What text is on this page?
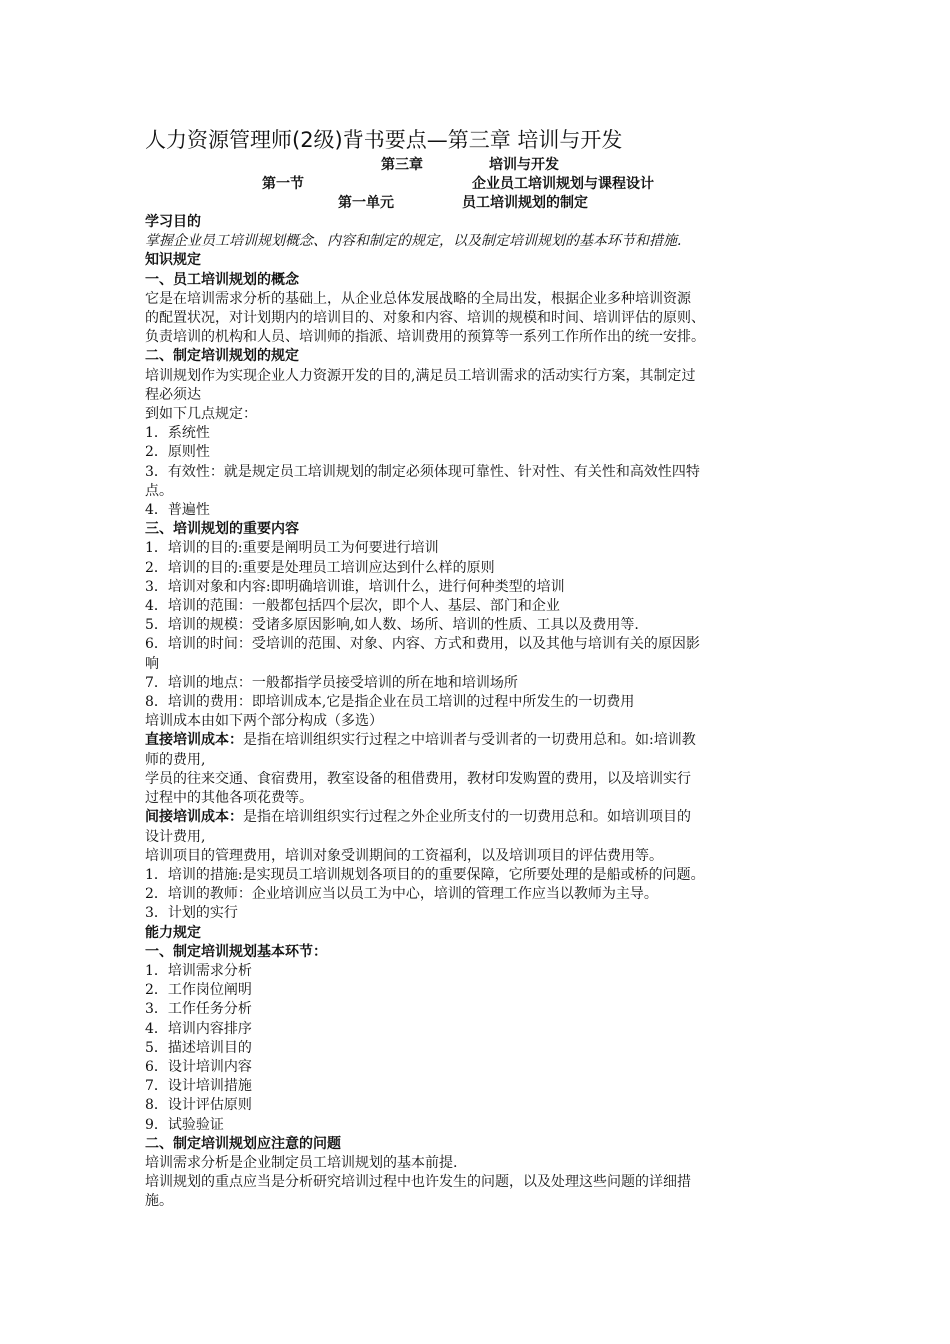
人力资源管理师(2级)背书要点—第三章 培训与开发
第三章	培训与开发
第一节	企业员工培训规划与课程设计
第一单元	员工培训规划的制定
学习目的
掌握企业员工培训规划概念、内容和制定的规定，以及制定培训规划的基本环节和措施.
知识规定
一、员工培训规划的概念
它是在培训需求分析的基础上，从企业总体发展战略的全局出发，根据企业多种培训资源
的配置状况，对计划期内的培训目的、对象和内容、培训的规模和时间、培训评估的原则、
负责培训的机构和人员、培训师的指派、培训费用的预算等一系列工作所作出的统一安排。
二、制定培训规划的规定
培训规划作为实现企业人力资源开发的目的,满足员工培训需求的活动实行方案，其制定过
程必须达
到如下几点规定：
1．系统性
2．原则性
3．有效性：就是规定员工培训规划的制定必须体现可靠性、针对性、有关性和高效性四特
点。
4．普遍性
三、培训规划的重要内容
1．培训的目的:重要是阐明员工为何要进行培训
2．培训的目的:重要是处理员工培训应达到什么样的原则
3．培训对象和内容:即明确培训谁，培训什么，进行何种类型的培训
4．培训的范围：一般都包括四个层次，即个人、基层、部门和企业
5．培训的规模：受诸多原因影响,如人数、场所、培训的性质、工具以及费用等.
6．培训的时间：受培训的范围、对象、内容、方式和费用，以及其他与培训有关的原因影
响
7．培训的地点：一般都指学员接受培训的所在地和培训场所
8．培训的费用：即培训成本,它是指企业在员工培训的过程中所发生的一切费用
培训成本由如下两个部分构成（多选）
直接培训成本：是指在培训组织实行过程之中培训者与受训者的一切费用总和。如:培训教
师的费用,
学员的往来交通、食宿费用，教室设备的租借费用，教材印发购置的费用，以及培训实行
过程中的其他各项花费等。
间接培训成本：是指在培训组织实行过程之外企业所支付的一切费用总和。如培训项目的
设计费用,
培训项目的管理费用，培训对象受训期间的工资福利，以及培训项目的评估费用等。
1．培训的措施:是实现员工培训规划各项目的的重要保障，它所要处理的是船或桥的问题。
2．培训的教师：企业培训应当以员工为中心，培训的管理工作应当以教师为主导。
3．计划的实行
能力规定
一、制定培训规划基本环节：
1．培训需求分析
2．工作岗位阐明
3．工作任务分析
4．培训内容排序
5．描述培训目的
6．设计培训内容
7．设计培训措施
8．设计评估原则
9．试验验证
二、制定培训规划应注意的问题
培训需求分析是企业制定员工培训规划的基本前提.
培训规划的重点应当是分析研究培训过程中也许发生的问题，以及处理这些问题的详细措
施。
